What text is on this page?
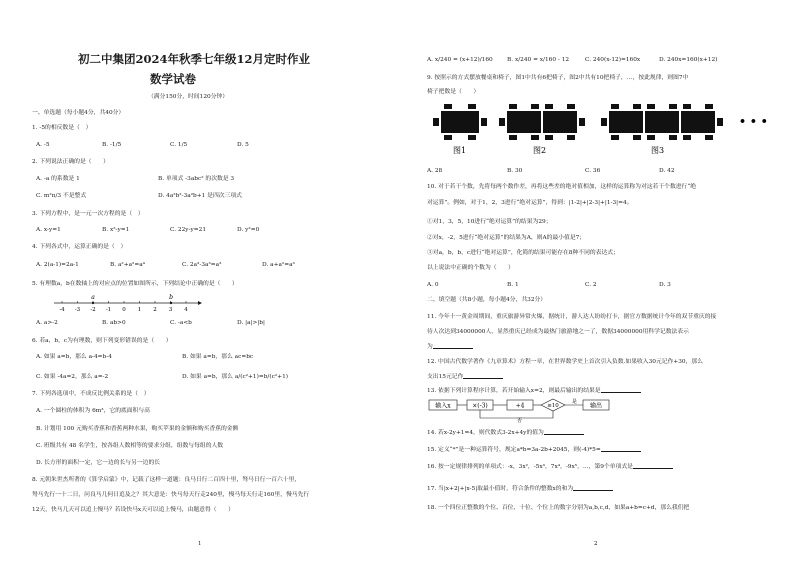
初二中集团2024年秋季七年级12月定时作业
数学试卷
（满分150分，时间120分钟）
一、单选题（每小题4分，共40分）
1. -5的相反数是（　）
A. -5	B. -1/5	C. 1/5	D. 5
2. 下列说法正确的是（　　）
A. -a 的系数是 1	B. 单项式 -3abc² 的次数是 3
C. m²n/3 不是整式	D. 4a²b²-3a²b+1 是四次三项式
3. 下列方程中，是一元一次方程的是（　）
A. x-y=1	B. x²-y=1	C. 22y-y=21	D. y²=0
4. 下列各式中，运算正确的是（　）
A. 2(a-1)=2a-1	B. a²+a²=a⁴	C. 2a³-3a³=a³	D. a+a²=a³
5. 有理数a，b在数轴上的对应点的位置如图所示，下列结论中正确的是（　　）
-4 -3 -2 -1 0 1 2 3 4
a	b
A. a>-2	B. ab>0	C. -a<b	D. |a|>|b|
6. 若a，b，c为有理数，则下列变形错误的是（　　）
A. 如果 a=b，那么 a-4=b-4	B. 如果 a=b，那么 ac=bc
C. 如果 -4a=2，那么 a=-2	D. 如果 a=b，那么 a/(c²+1)=b/(c²+1)
7. 下列各选项中，不成反比例关系的是（　）
A. 一个圆柱的体积为 6m³，它的底面积与高
B. 计划用 100 元购买香蕉和香蕉两种水果，购买苹果的金额和购买香蕉的金额
C. 班级共有 48 名学生，按各组人数相等的要求分组，组数与每组的人数
D. 长方形的面积一定，它一边的长与另一边的长
8. 元朝朱世杰所著的《算学启蒙》中，记载了这样一道题：良马日行二百四十里，驽马日行一百六十里，
驽马先行一十二日，问良马几何日追及之？其大意是：快马每天行走240里，慢马每天行走160里，慢马先行
12天，快马几天可以追上慢马？若设快马x天可以追上慢马，由题意得（　　）
1
A. x/240 = (x+12)/160 B. x/240 = x/160 - 12	C. 240(x-12)=160x	D. 240x=160(x+12)
9. 按照示的方式摆放餐桌和椅子，图1中共有6把椅子，图2中共有10把椅子，…，按此规律，则图7中
椅子把数是（　　）
• • •
图1	图2	图3
A. 28	B. 30	C. 36	D. 42
10. 对于若干个数，先将每两个数作差，再将这些差的绝对值相加，这样的运算称为对这若干个数进行“绝
对运算”。例如，对于1，2，3进行“绝对运算”，得到：|1-2|+|2-3|+|1-3|=4。
①对1，3，5，10进行“绝对运算”的结果为29；
②对x，-2，5进行“绝对运算”的结果为A，则A的最小值是7；
③对a，b，b，c进行“绝对运算”，化简的结果可能存在8种不同的表达式；
以上说法中正确的个数为（　　）
A. 0	B. 1	C. 2	D. 3
二、填空题（共8小题，每小题4分，共32分）
11. 今年十一黄金周期间，重庆旅游异常火爆，据统计，游人达人纷纷打卡，据官方数据统计今年的双节重庆的接
待人次达到34000000人，显然重庆已经成为最热门旅游地之一了，数据34000000用科学记数法表示
为
12. 中国古代数学著作《九章算术》方程一章，在世界数学史上首次引入负数.如果收入30元记作+30，那么
支出15元记作
13. 依据下列计算程序计算，若开始输入x=2，则最后输出的结果是
输入x	×(-3)	+4	≥10
是
输出
否
14. 若x-2y+1=4，则代数式3-2x+4y的值为
15. 定义“*”是一种运算符号，规定a*b=3a-2b+2045，则(-4)*5=
16. 按一定规律排列的单项式：-x，3x²，-5x³，7x⁴，-9x⁵，…，第9个单项式是
17. 当|x+2|+|x-5|取最小值时，符合条件的整数x的和为
18. 一个四位正整数的个位、百位、十位、个位上的数字分别为a,b,c,d，如果a+b=c+d，那么我们把
2
